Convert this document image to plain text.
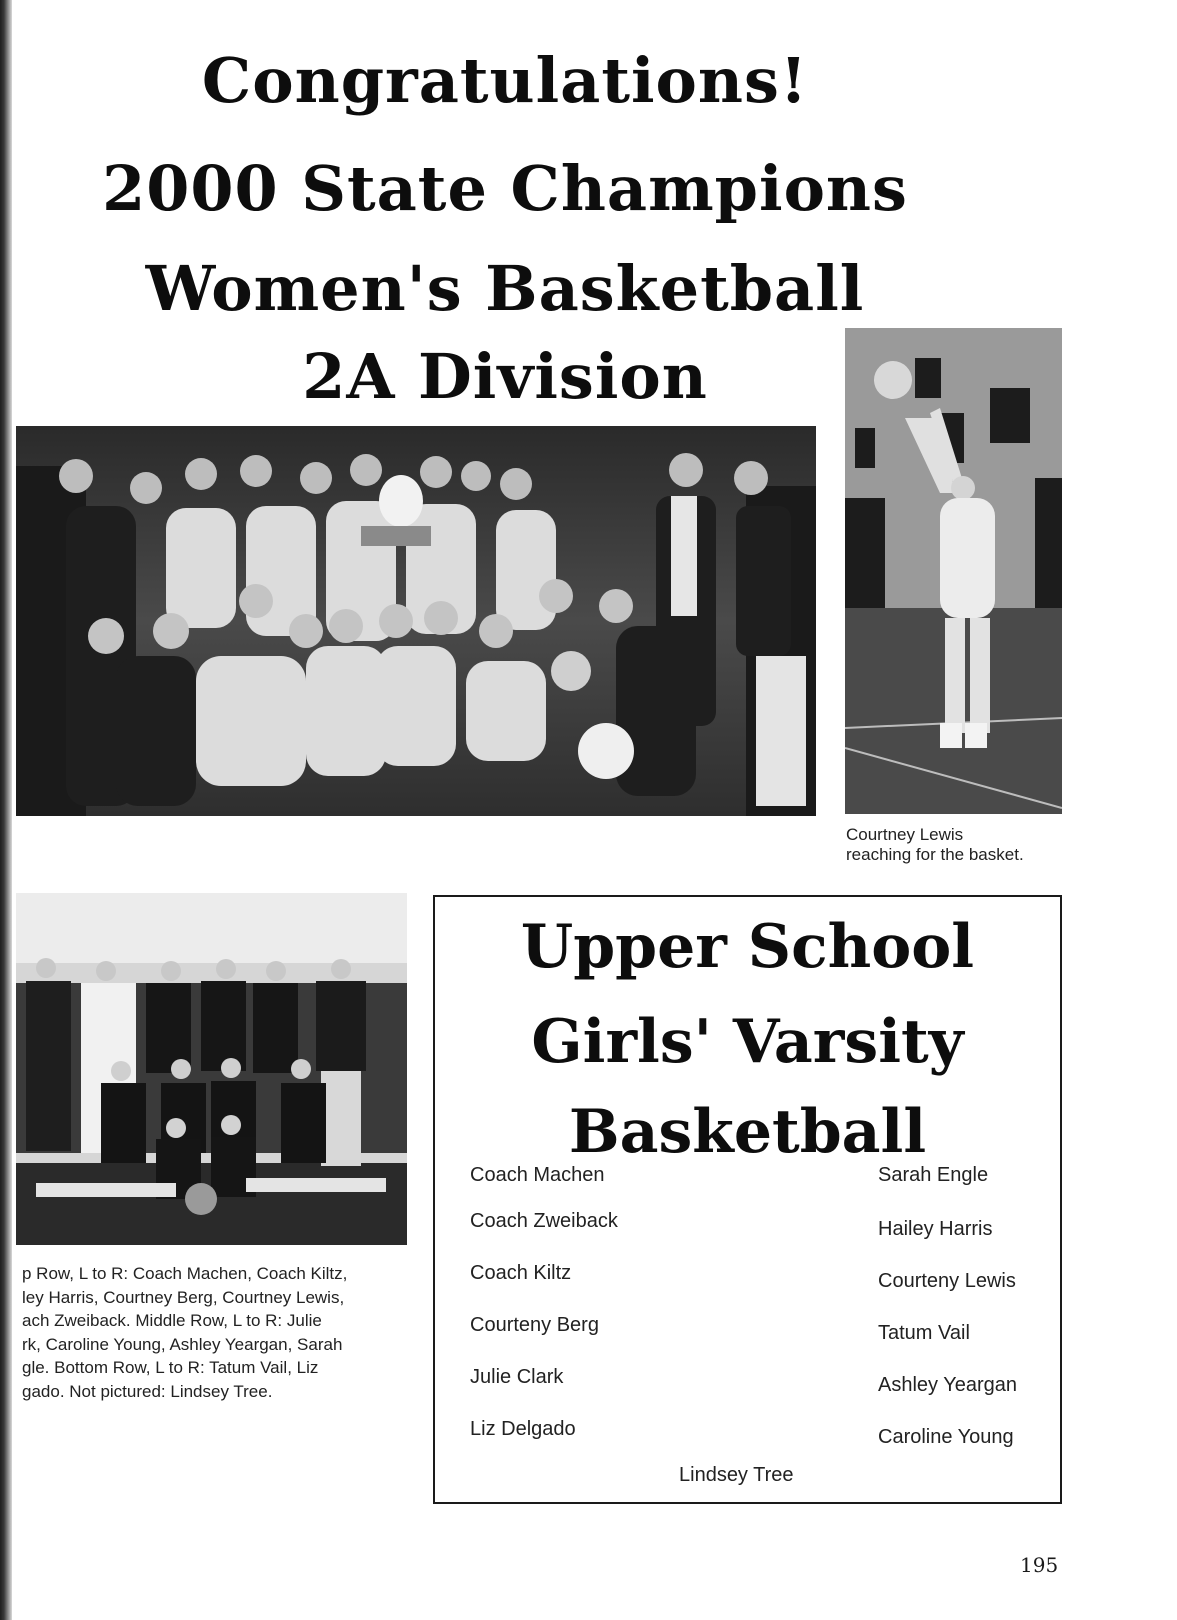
Congratulations!
2000 State Champions
Women's Basketball
2A Division
Courtney Lewis
reaching for the basket.
p Row, L to R: Coach Machen, Coach Kiltz,
ley Harris, Courtney Berg, Courtney Lewis,
ach Zweiback. Middle Row, L to R: Julie
rk, Caroline Young, Ashley Yeargan, Sarah
gle. Bottom Row, L to R: Tatum Vail, Liz
gado. Not pictured: Lindsey Tree.
Upper School
Girls' Varsity
Basketball
Coach Machen
Coach Zweiback
Coach Kiltz
Courteny Berg
Julie Clark
Liz Delgado
Sarah Engle
Hailey Harris
Courteny Lewis
Tatum Vail
Ashley Yeargan
Caroline Young
Lindsey Tree
195
